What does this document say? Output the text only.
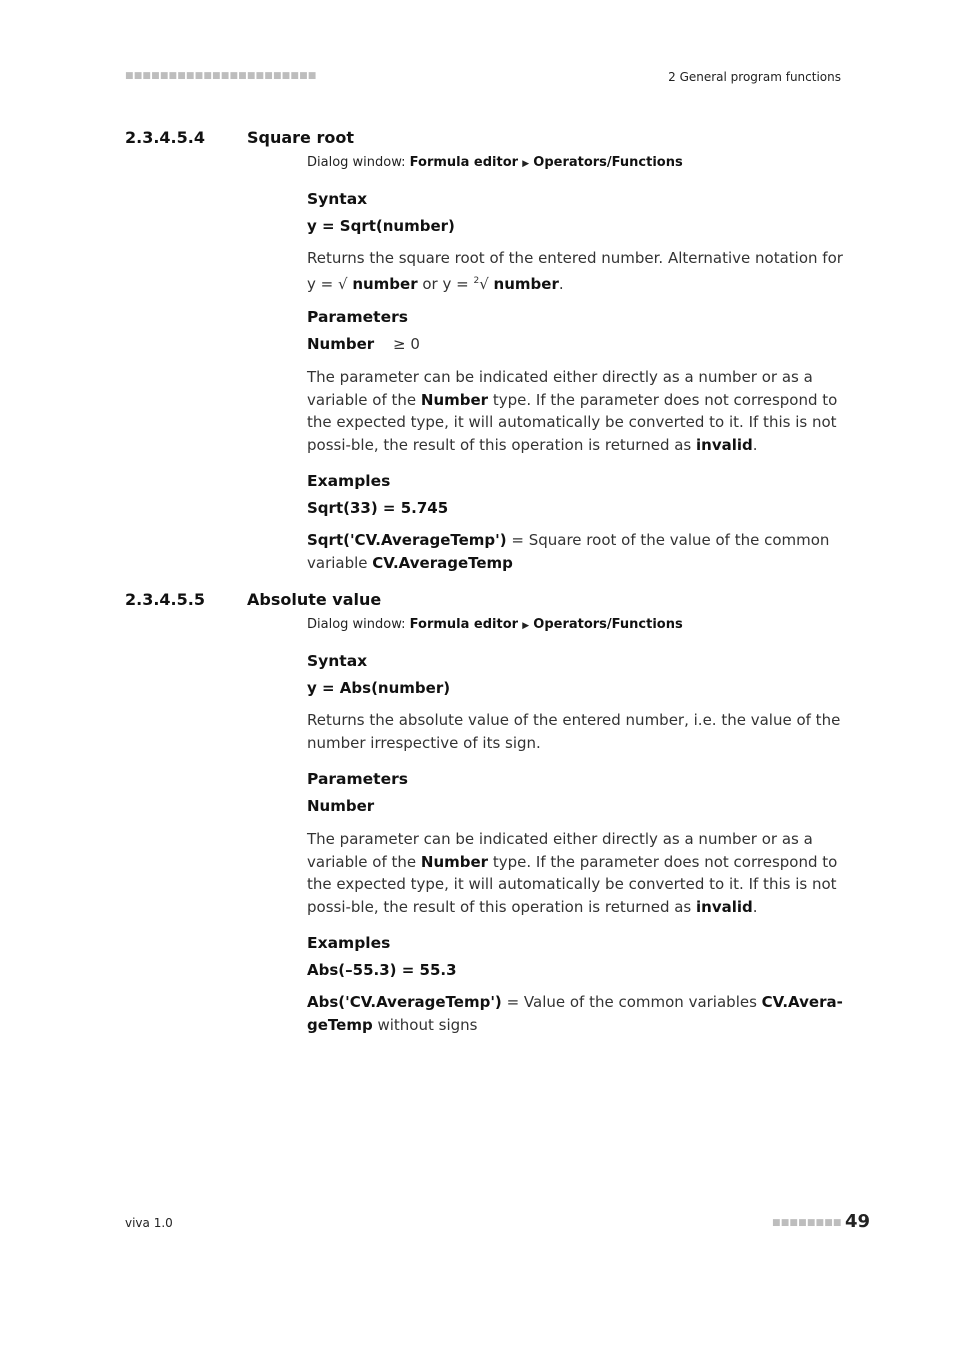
■■■■■■■■■■■■■■■■■■■■■■	2 General program functions
2.3.4.5.4	Square root
Dialog window: Formula editor ▶ Operators/Functions
Syntax
y = Sqrt(number)
Returns the square root of the entered number. Alternative notation for y = √ number or y = $^2$√ number.
Parameters
Number ≥ 0
The parameter can be indicated either directly as a number or as a variable of the Number type. If the parameter does not correspond to the expected type, it will automatically be converted to it. If this is not possi-ble, the result of this operation is returned as invalid.
Examples
Sqrt(33) = 5.745
Sqrt('CV.AverageTemp') = Square root of the value of the common variable CV.AverageTemp
2.3.4.5.5	Absolute value
Dialog window: Formula editor ▶ Operators/Functions
Syntax
y = Abs(number)
Returns the absolute value of the entered number, i.e. the value of the number irrespective of its sign.
Parameters
Number
The parameter can be indicated either directly as a number or as a variable of the Number type. If the parameter does not correspond to the expected type, it will automatically be converted to it. If this is not possi-ble, the result of this operation is returned as invalid.
Examples
Abs(–55.3) = 55.3
Abs('CV.AverageTemp') = Value of the common variables CV.Avera-geTemp without signs
viva 1.0	■■■■■■■■ 49
